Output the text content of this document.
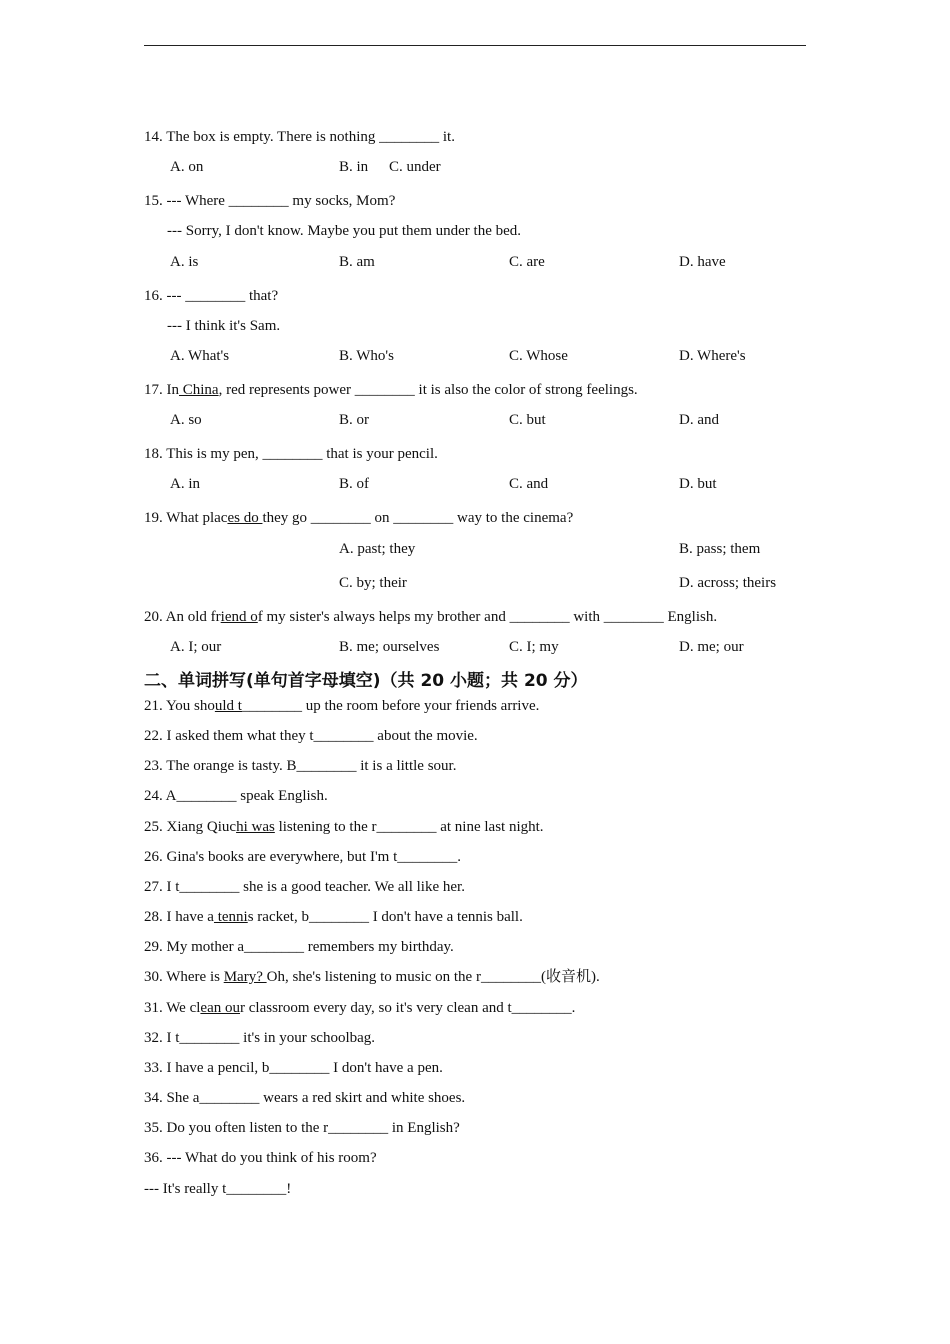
14. The box is empty. There is nothing ________ it.
A. on	B. in C. under
15. --- Where ________ my socks, Mom?
--- Sorry, I don't know. Maybe you put them under the bed.
A. is	B. am	C. are	D. have
16. --- ________ that?
--- I think it's Sam.
A. What's	B. Who's	C. Whose	D. Where's
17. In China, red represents power ________ it is also the color of strong feelings.
A. so	B. or	C. but	D. and
18. This is my pen, ________ that is your pencil.
A. in	B. of	C. and	D. but
19. What places do they go ________ on ________ way to the cinema?
A. past; they	B. pass; them
C. by; their	D. across; theirs
20. An old friend of my sister's always helps my brother and ________ with ________ English.
A. I; our	B. me; ourselves	C. I; my	D. me; our
二、单词拼写(单句首字母填空)（共 20 小题；共 20 分）
21. You should t________ up the room before your friends arrive.
22. I asked them what they t________ about the movie.
23. The orange is tasty. B________ it is a little sour.
24. A________ speak English.
25. Xiang Qiuchi was listening to the r________ at nine last night.
26. Gina's books are everywhere, but I'm t________.
27. I t________ she is a good teacher. We all like her.
28. I have a tennis racket, b________ I don't have a tennis ball.
29. My mother a________ remembers my birthday.
30. Where is Mary? Oh, she's listening to music on the r________(收音机).
31. We clean our classroom every day, so it's very clean and t________.
32. I t________ it's in your schoolbag.
33. I have a pencil, b________ I don't have a pen.
34. She a________ wears a red skirt and white shoes.
35. Do you often listen to the r________ in English?
36. --- What do you think of his room?
--- It's really t________!
